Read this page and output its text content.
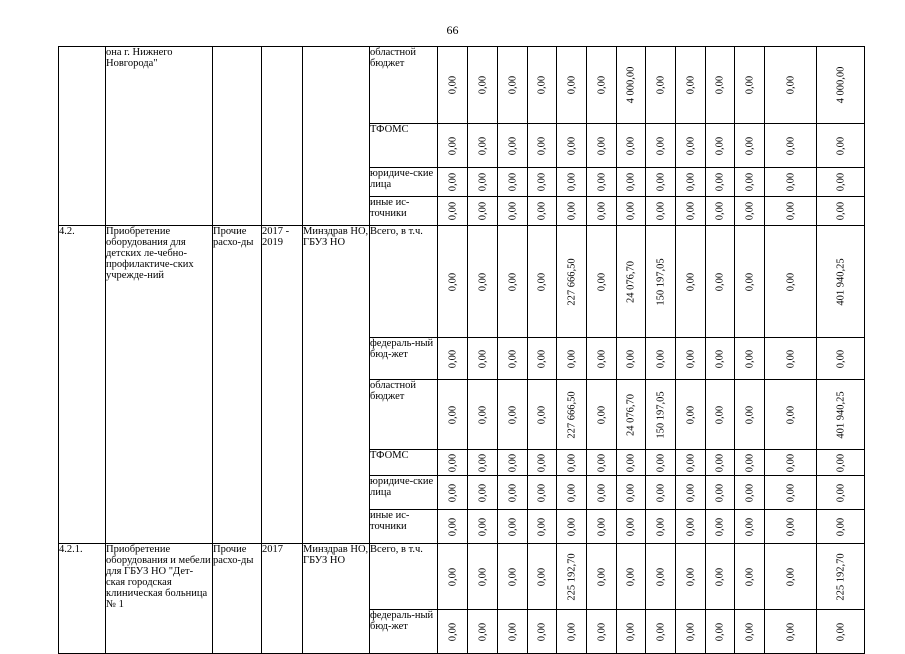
66
	она г. Нижнего Новгорода"				областной бюджет	0,00	0,00	0,00	0,00	0,00	0,00	4 000,00	0,00	0,00	0,00	0,00	0,00	4 000,00

					ТФОМС	0,00	0,00	0,00	0,00	0,00	0,00	0,00	0,00	0,00	0,00	0,00	0,00	0,00

					юридиче-ские лица	0,00	0,00	0,00	0,00	0,00	0,00	0,00	0,00	0,00	0,00	0,00	0,00	0,00

					иные ис-точники	0,00	0,00	0,00	0,00	0,00	0,00	0,00	0,00	0,00	0,00	0,00	0,00	0,00

4.2.	Приобретение оборудования для детских ле-чебно-профилактиче-ских учрежде-ний	Прочие расхо-ды	2017 - 2019	Минздрав НО, ГБУЗ НО	Всего, в т.ч.	0,00	0,00	0,00	0,00	227 666,50	0,00	24 076,70	150 197,05	0,00	0,00	0,00	0,00	401 940,25

					федераль-ный бюд-жет	0,00	0,00	0,00	0,00	0,00	0,00	0,00	0,00	0,00	0,00	0,00	0,00	0,00

					областной бюджет	0,00	0,00	0,00	0,00	227 666,50	0,00	24 076,70	150 197,05	0,00	0,00	0,00	0,00	401 940,25

					ТФОМС	0,00	0,00	0,00	0,00	0,00	0,00	0,00	0,00	0,00	0,00	0,00	0,00	0,00

					юридиче-ские лица	0,00	0,00	0,00	0,00	0,00	0,00	0,00	0,00	0,00	0,00	0,00	0,00	0,00

					иные ис-точники	0,00	0,00	0,00	0,00	0,00	0,00	0,00	0,00	0,00	0,00	0,00	0,00	0,00

4.2.1.	Приобретение оборудования и мебели для ГБУЗ НО "Дет-ская городская клиническая больница № 1	Прочие расхо-ды	2017	Минздрав НО, ГБУЗ НО	Всего, в т.ч.	0,00	0,00	0,00	0,00	225 192,70	0,00	0,00	0,00	0,00	0,00	0,00	0,00	225 192,70

					федераль-ный бюд-жет	0,00	0,00	0,00	0,00	0,00	0,00	0,00	0,00	0,00	0,00	0,00	0,00	0,00
